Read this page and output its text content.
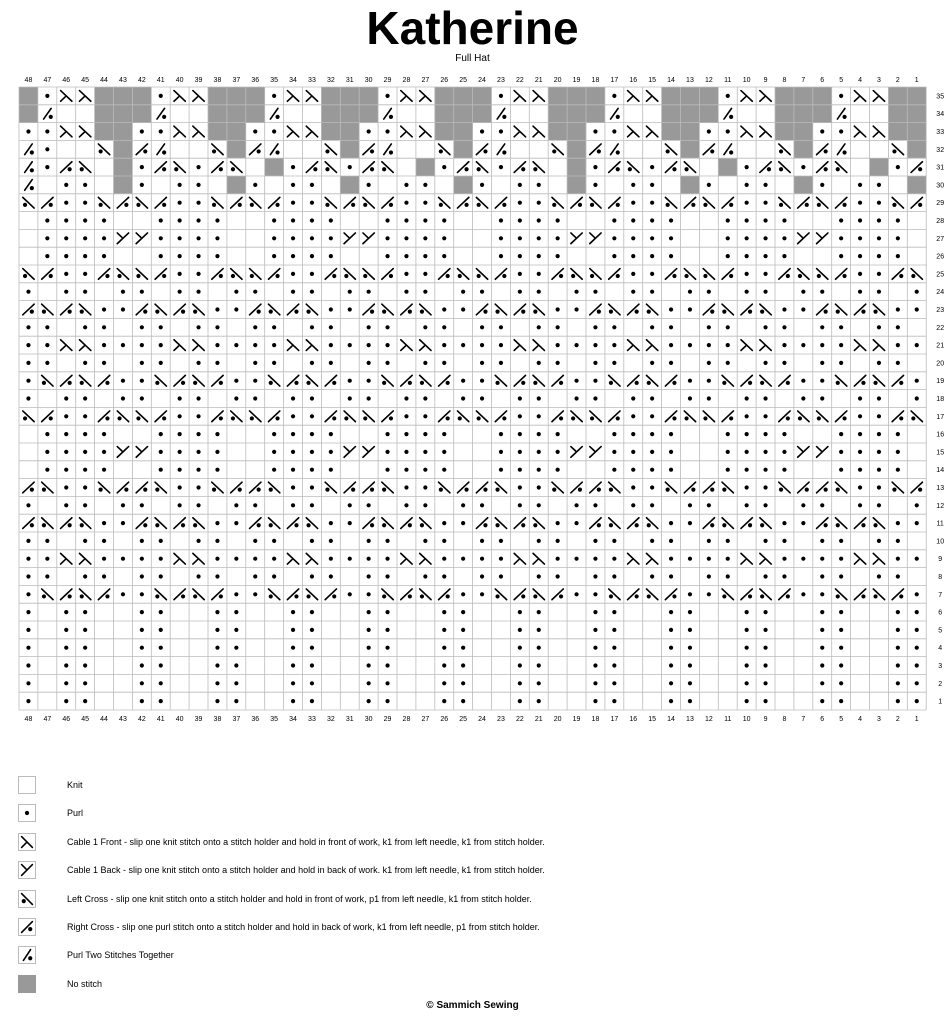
Katherine
Full Hat
48
48
47
47
46
46
45
45
44
44
43
43
42
42
41
41
40
40
39
39
38
38
37
37
36
36
35
35
34
34
33
33
32
32
31
31
30
30
29
29
28
28
27
27
26
26
25
25
24
24
23
23
22
22
21
21
20
20
19
19
18
18
17
17
16
16
15
15
14
14
13
13
12
12
11
11
10
10
9
9
8
8
7
7
6
6
5
5
4
4
3
3
2
2
1
1
35
34
33
32
31
30
29
28
27
26
25
24
23
22
21
20
19
18
17
16
15
14
13
12
11
10
9
8
7
6
5
4
3
2
1
Knit
Purl
Cable 1 Front - slip one knit stitch onto a stitch holder and hold in front of work, k1 from left needle, k1 from stitch holder.
Cable 1 Back - slip one knit stitch onto a stitch holder and hold in back of work. k1 from left needle, k1 from stitch holder.
Left Cross - slip one knit stitch onto a stitch holder and hold in front of work, p1 from left needle, k1 from stitch holder.
Right Cross - slip one purl stitch onto a stitch holder and hold in back of work, k1 from left needle, p1 from stitch holder.
Purl Two Stitches Together
No stitch
© Sammich Sewing
